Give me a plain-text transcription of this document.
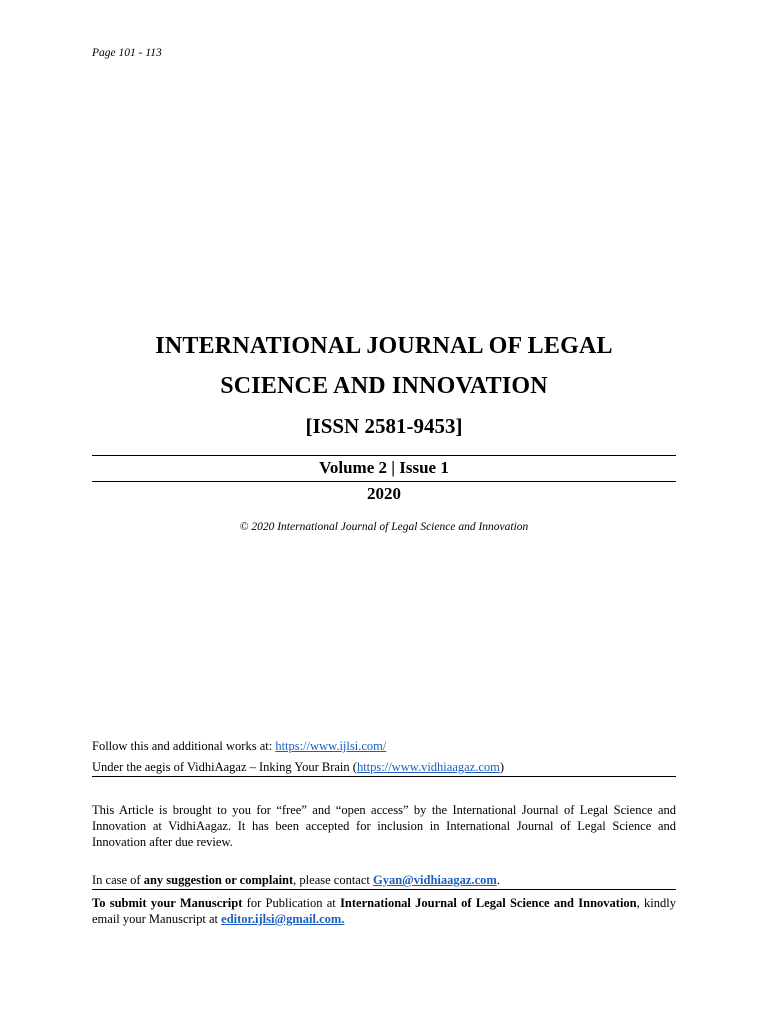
Page 101 - 113
INTERNATIONAL JOURNAL OF LEGAL
SCIENCE AND INNOVATION
[ISSN 2581-9453]
Volume 2 | Issue 1
2020
© 2020 International Journal of Legal Science and Innovation
Follow this and additional works at: https://www.ijlsi.com/
Under the aegis of VidhiAagaz – Inking Your Brain (https://www.vidhiaagaz.com)
This Article is brought to you for “free” and “open access” by the International Journal of Legal Science and Innovation at VidhiAagaz. It has been accepted for inclusion in International Journal of Legal Science and Innovation after due review.
In case of any suggestion or complaint, please contact Gyan@vidhiaagaz.com.
To submit your Manuscript for Publication at International Journal of Legal Science and Innovation, kindly email your Manuscript at editor.ijlsi@gmail.com.
